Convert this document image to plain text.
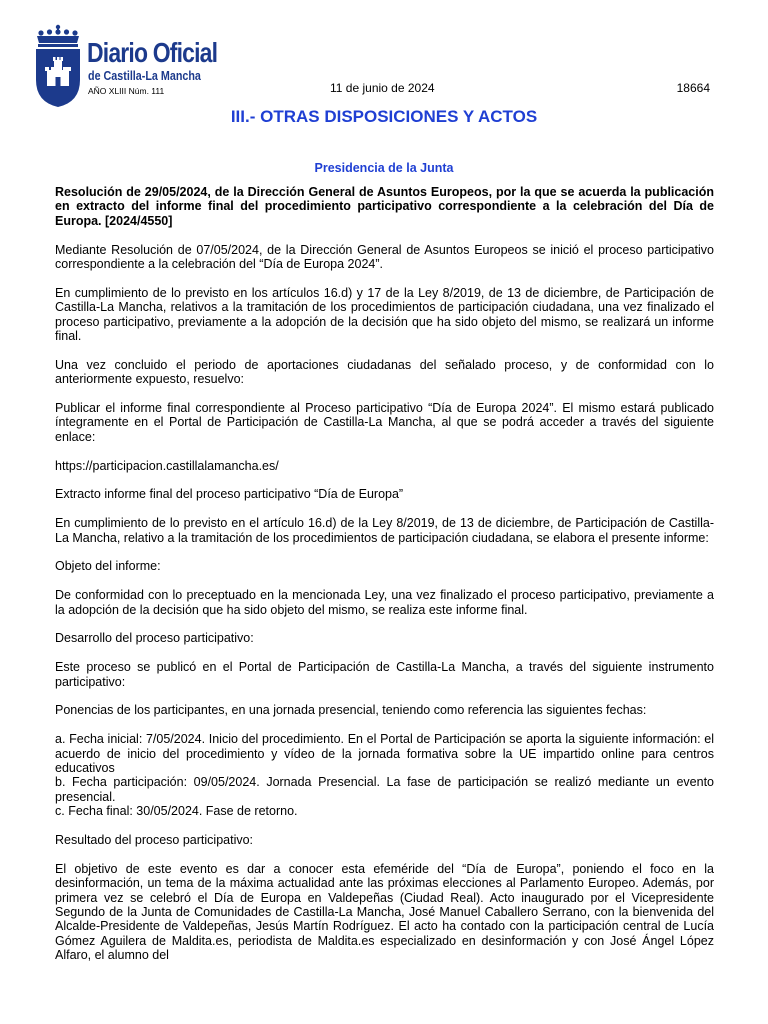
Diario Oficial
de Castilla-La Mancha
AÑO XLIII Núm. 111	11 de junio de 2024	18664
III.- OTRAS DISPOSICIONES Y ACTOS
Presidencia de la Junta

Resolución de 29/05/2024, de la Dirección General de Asuntos Europeos, por la que se acuerda la publicación en extracto del informe final del procedimiento participativo correspondiente a la celebración del Día de Europa. [2024/4550]

Mediante Resolución de 07/05/2024, de la Dirección General de Asuntos Europeos se inició el proceso participativo correspondiente a la celebración del “Día de Europa 2024”.

En cumplimiento de lo previsto en los artículos 16.d) y 17 de la Ley 8/2019, de 13 de diciembre, de Participación de Castilla-La Mancha, relativos a la tramitación de los procedimientos de participación ciudadana, una vez finalizado el proceso participativo, previamente a la adopción de la decisión que ha sido objeto del mismo, se realizará un informe final.

Una vez concluido el periodo de aportaciones ciudadanas del señalado proceso, y de conformidad con lo anteriormente expuesto, resuelvo:

Publicar el informe final correspondiente al Proceso participativo “Día de Europa 2024”. El mismo estará publicado íntegramente en el Portal de Participación de Castilla-La Mancha, al que se podrá acceder a través del siguiente enlace:

https://participacion.castillalamancha.es/

Extracto informe final del proceso participativo “Día de Europa”

En cumplimiento de lo previsto en el artículo 16.d) de la Ley 8/2019, de 13 de diciembre, de Participación de Castilla-La Mancha, relativo a la tramitación de los procedimientos de participación ciudadana, se elabora el presente informe:

Objeto del informe:

De conformidad con lo preceptuado en la mencionada Ley, una vez finalizado el proceso participativo, previamente a la adopción de la decisión que ha sido objeto del mismo, se realiza este informe final.

Desarrollo del proceso participativo:

Este proceso se publicó en el Portal de Participación de Castilla-La Mancha, a través del siguiente instrumento participativo:

Ponencias de los participantes, en una jornada presencial, teniendo como referencia las siguientes fechas:

a. Fecha inicial: 7/05/2024. Inicio del procedimiento. En el Portal de Participación se aporta la siguiente información: el acuerdo de inicio del procedimiento y vídeo de la jornada formativa sobre la UE impartido online para centros educativos

b. Fecha participación: 09/05/2024. Jornada Presencial. La fase de participación se realizó mediante un evento presencial.

c. Fecha final: 30/05/2024. Fase de retorno.

Resultado del proceso participativo:

El objetivo de este evento es dar a conocer esta efeméride del “Día de Europa”, poniendo el foco en la desinformación, un tema de la máxima actualidad ante las próximas elecciones al Parlamento Europeo. Además, por primera vez se celebró el Día de Europa en Valdepeñas (Ciudad Real). Acto inaugurado por el Vicepresidente Segundo de la Junta de Comunidades de Castilla-La Mancha, José Manuel Caballero Serrano, con la bienvenida del Alcalde-Presidente de Valdepeñas, Jesús Martín Rodríguez. El acto ha contado con la participación central de Lucía Gómez Aguilera de Maldita.es, periodista de Maldita.es especializado en desinformación y con José Ángel López Alfaro, el alumno del
